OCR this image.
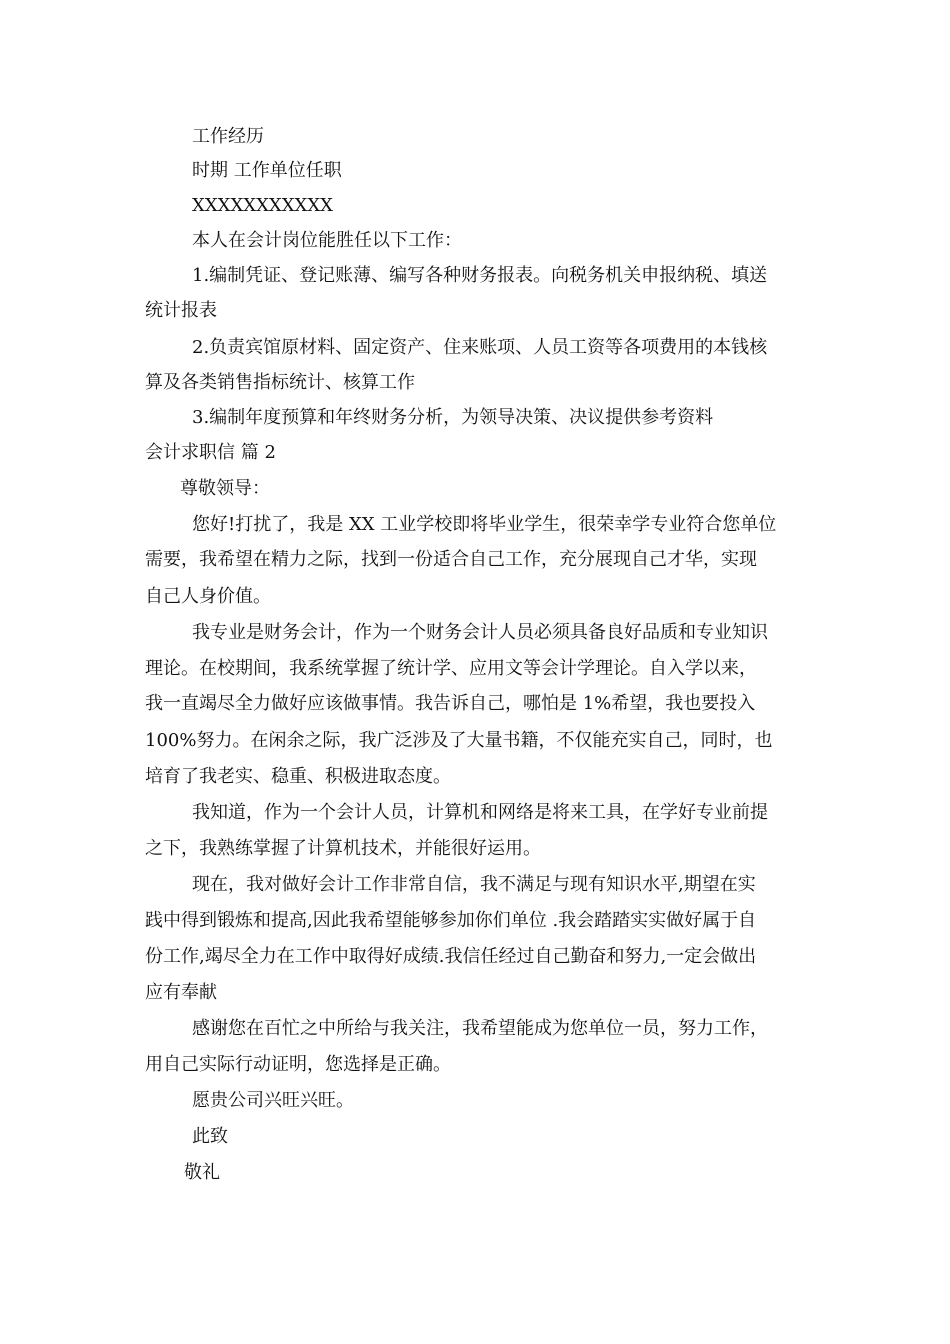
工作经历
时期 工作单位任职
XXXXXXXXXXX
本人在会计岗位能胜任以下工作：
1.编制凭证、登记账薄、编写各种财务报表。向税务机关申报纳税、填送
统计报表
2.负责宾馆原材料、固定资产、住来账项、人员工资等各项费用的本钱核
算及各类销售指标统计、核算工作
3.编制年度预算和年终财务分析，为领导决策、决议提供参考资料
会计求职信 篇 2
尊敬领导：
您好!打扰了，我是 XX 工业学校即将毕业学生，很荣幸学专业符合您单位
需要，我希望在精力之际，找到一份适合自己工作，充分展现自己才华，实现
自己人身价值。
我专业是财务会计，作为一个财务会计人员必须具备良好品质和专业知识
理论。在校期间，我系统掌握了统计学、应用文等会计学理论。自入学以来，
我一直竭尽全力做好应该做事情。我告诉自己，哪怕是 1%希望，我也要投入
100%努力。在闲余之际，我广泛涉及了大量书籍，不仅能充实自己，同时，也
培育了我老实、稳重、积极进取态度。
我知道，作为一个会计人员，计算机和网络是将来工具，在学好专业前提
之下，我熟练掌握了计算机技术，并能很好运用。
现在，我对做好会计工作非常自信，我不满足与现有知识水平,期望在实
践中得到锻炼和提高,因此我希望能够参加你们单位 .我会踏踏实实做好属于自
份工作,竭尽全力在工作中取得好成绩.我信任经过自己勤奋和努力,一定会做出
应有奉献
感谢您在百忙之中所给与我关注，我希望能成为您单位一员，努力工作，
用自己实际行动证明，您选择是正确。
愿贵公司兴旺兴旺。
此致
敬礼
